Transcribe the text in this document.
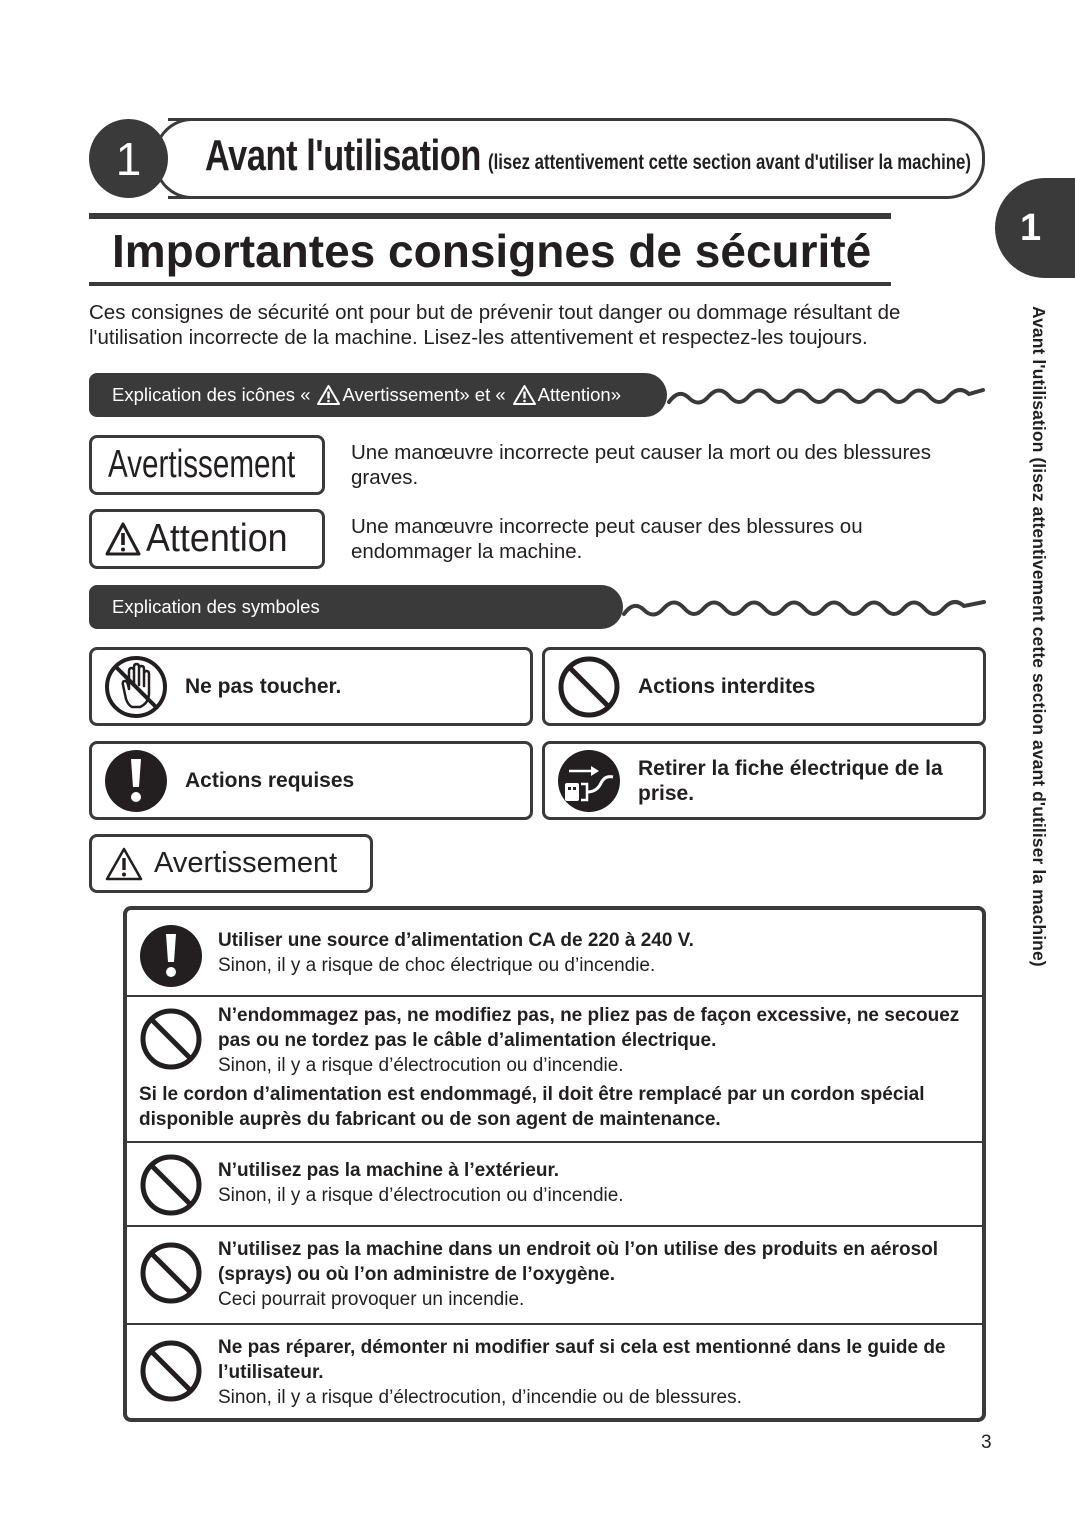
1	Avant l'utilisation (lisez attentivement cette section avant d'utiliser la machine)
1
Avant l'utilisation (lisez attentivement cette section avant d'utiliser la machine)
Importantes consignes de sécurité
Ces consignes de sécurité ont pour but de prévenir tout danger ou dommage résultant de l'utilisation incorrecte de la machine. Lisez-les attentivement et respectez-les toujours.
Explication des icônes « Avertissement » et « Attention »
Avertissement	Une manœuvre incorrecte peut causer la mort ou des blessures graves.
Attention	Une manœuvre incorrecte peut causer des blessures ou endommager la machine.
Explication des symboles
Ne pas toucher.	Actions interdites
Actions requises
Retirer la fiche électrique de la prise.
Avertissement
Utiliser une source d’alimentation CA de 220 à 240 V.
Sinon, il y a risque de choc électrique ou d’incendie.
N’endommagez pas, ne modifiez pas, ne pliez pas de façon excessive, ne secouez pas ou ne tordez pas le câble d’alimentation électrique.
Sinon, il y a risque d’électrocution ou d’incendie.
Si le cordon d’alimentation est endommagé, il doit être remplacé par un cordon spécial disponible auprès du fabricant ou de son agent de maintenance.
N’utilisez pas la machine à l’extérieur.
Sinon, il y a risque d’électrocution ou d’incendie.
N’utilisez pas la machine dans un endroit où l’on utilise des produits en aérosol (sprays) ou où l’on administre de l’oxygène.
Ceci pourrait provoquer un incendie.
Ne pas réparer, démonter ni modifier sauf si cela est mentionné dans le guide de l’utilisateur.
Sinon, il y a risque d’électrocution, d’incendie ou de blessures.
3
